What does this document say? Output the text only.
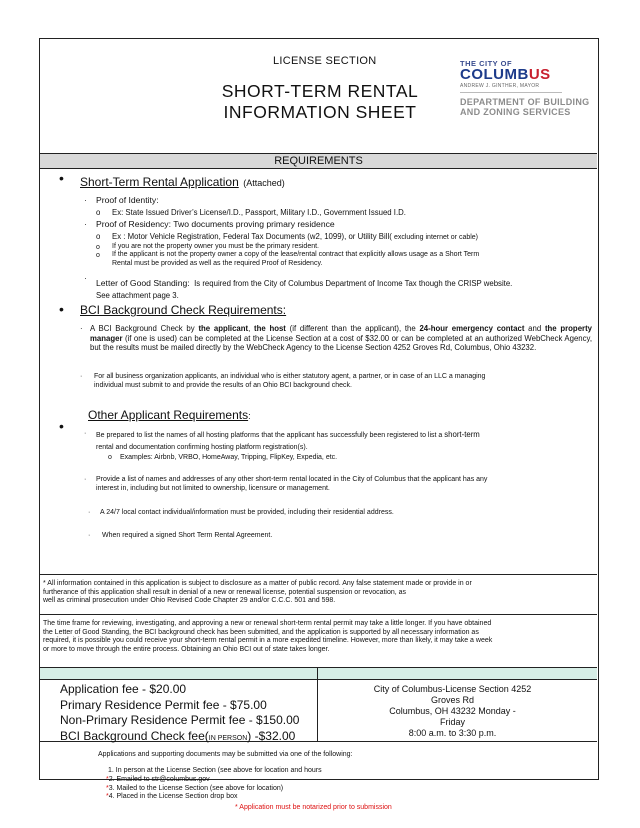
LICENSE SECTION
SHORT-TERM RENTAL
INFORMATION SHEET
THE CITY OF
COLUMBUS
ANDREW J. GINTHER, MAYOR
DEPARTMENT OF BUILDING
AND ZONING SERVICES
REQUIREMENTS
• Short-Term Rental Application (Attached)
· Proof of Identity:
o Ex: State Issued Driver’s License/I.D., Passport, Military I.D., Government Issued I.D.
· Proof of Residency: Two documents proving primary residence
o Ex : Motor Vehicle Registration, Federal Tax Documents (w2, 1099), or Utility Bill( excluding internet or cable)
o If you are not the property owner you must be the primary resident.
o If the applicant is not the property owner a copy of the lease/rental contract that explicitly allows usage as a Short Term
Rental must be provided as well as the required Proof of Residency.
· Letter of Good Standing: Is required from the City of Columbus Department of Income Tax though the CRISP website.
See attachment page 3.
• BCI Background Check Requirements:
· A BCI Background Check by the applicant, the host (if different than the applicant), the 24-hour emergency contact and the property manager (if one is used) can be completed at the License Section at a cost of $32.00 or can be completed at an authorized WebCheck Agency, but the results must be mailed directly by the WebCheck Agency to the License Section 4252 Groves Rd, Columbus, Ohio 43232.
· For all business organization applicants, an individual who is either statutory agent, a partner, or in case of an LLC a managing
individual must submit to and provide the results of an Ohio BCI background check.
Other Applicant Requirements:
•	· Be prepared to list the names of all hosting platforms that the applicant has successfully been registered to list a short-term
rental and documentation confirming hosting platform registration(s).
o Examples: Airbnb, VRBO, HomeAway, Tripping, FlipKey, Expedia, etc.
· Provide a list of names and addresses of any other short-term rental located in the City of Columbus that the applicant has any
interest in, including but not limited to ownership, licensure or management.
· A 24/7 local contact individual/information must be provided, including their residential address.
· When required a signed Short Term Rental Agreement.
* All information contained in this application is subject to disclosure as a matter of public record. Any false statement made or provide in or
furtherance of this application shall result in denial of a new or renewal license, potential suspension or revocation, as
well as criminal prosecution under Ohio Revised Code Chapter 29 and/or C.C.C. 501 and 598.
The time frame for reviewing, investigating, and approving a new or renewal short-term rental permit may take a little longer. If you have obtained
the Letter of Good Standing, the BCI background check has been submitted, and the application is supported by all necessary information as
required, it is possible you could receive your short-term rental permit in a more expedited timeline. However, more than likely, it may take a week
or more to move through the entire process. Obtaining an Ohio BCI out of state takes longer.
Application fee - $20.00
Primary Residence Permit fee - $75.00
Non-Primary Residence Permit fee - $150.00
BCI Background Check fee(IN PERSON) -$32.00
City of Columbus-License Section 4252
Groves Rd
Columbus, OH 43232 Monday -
Friday
8:00 a.m. to 3:30 p.m.
Applications and supporting documents may be submitted via one of the following:
1. In person at the License Section (see above for location and hours
*2. Emailed to str@columbus.gov
*3. Mailed to the License Section (see above for location)
*4. Placed in the License Section drop box
* Application must be notarized prior to submission
